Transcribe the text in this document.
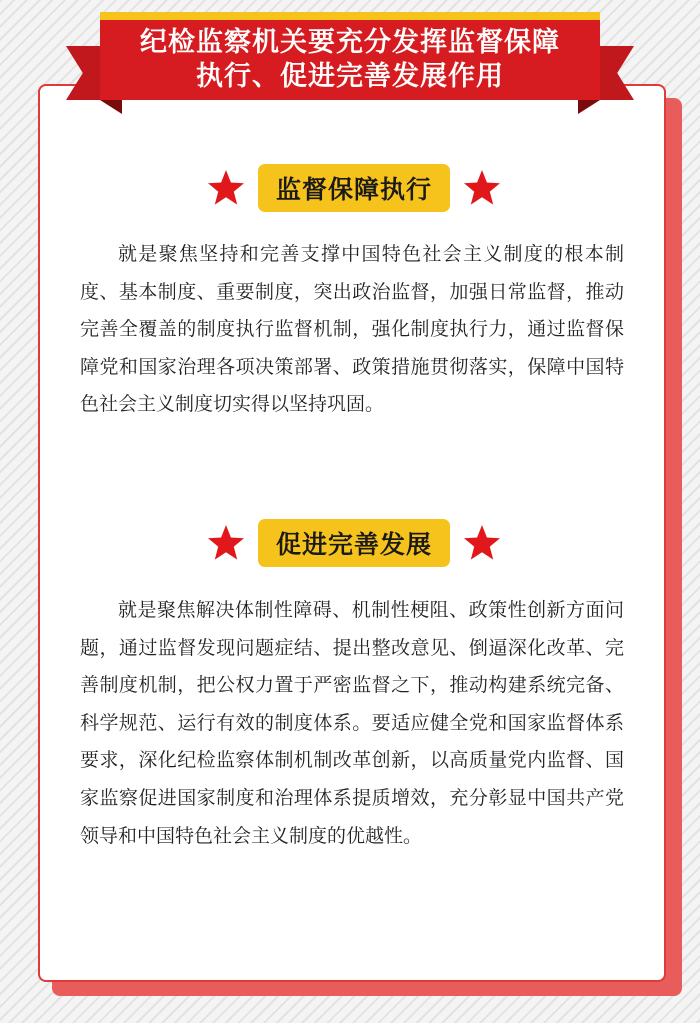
纪检监察机关要充分发挥监督保障
执行、促进完善发展作用
监督保障执行

就是聚焦坚持和完善支撑中国特色社会主义制度的根本制度、基本制度、重要制度，突出政治监督，加强日常监督，推动完善全覆盖的制度执行监督机制，强化制度执行力，通过监督保障党和国家治理各项决策部署、政策措施贯彻落实，保障中国特色社会主义制度切实得以坚持巩固。

促进完善发展

就是聚焦解决体制性障碍、机制性梗阻、政策性创新方面问题，通过监督发现问题症结、提出整改意见、倒逼深化改革、完善制度机制，把公权力置于严密监督之下，推动构建系统完备、科学规范、运行有效的制度体系。要适应健全党和国家监督体系要求，深化纪检监察体制机制改革创新，以高质量党内监督、国家监察促进国家制度和治理体系提质增效，充分彰显中国共产党领导和中国特色社会主义制度的优越性。
